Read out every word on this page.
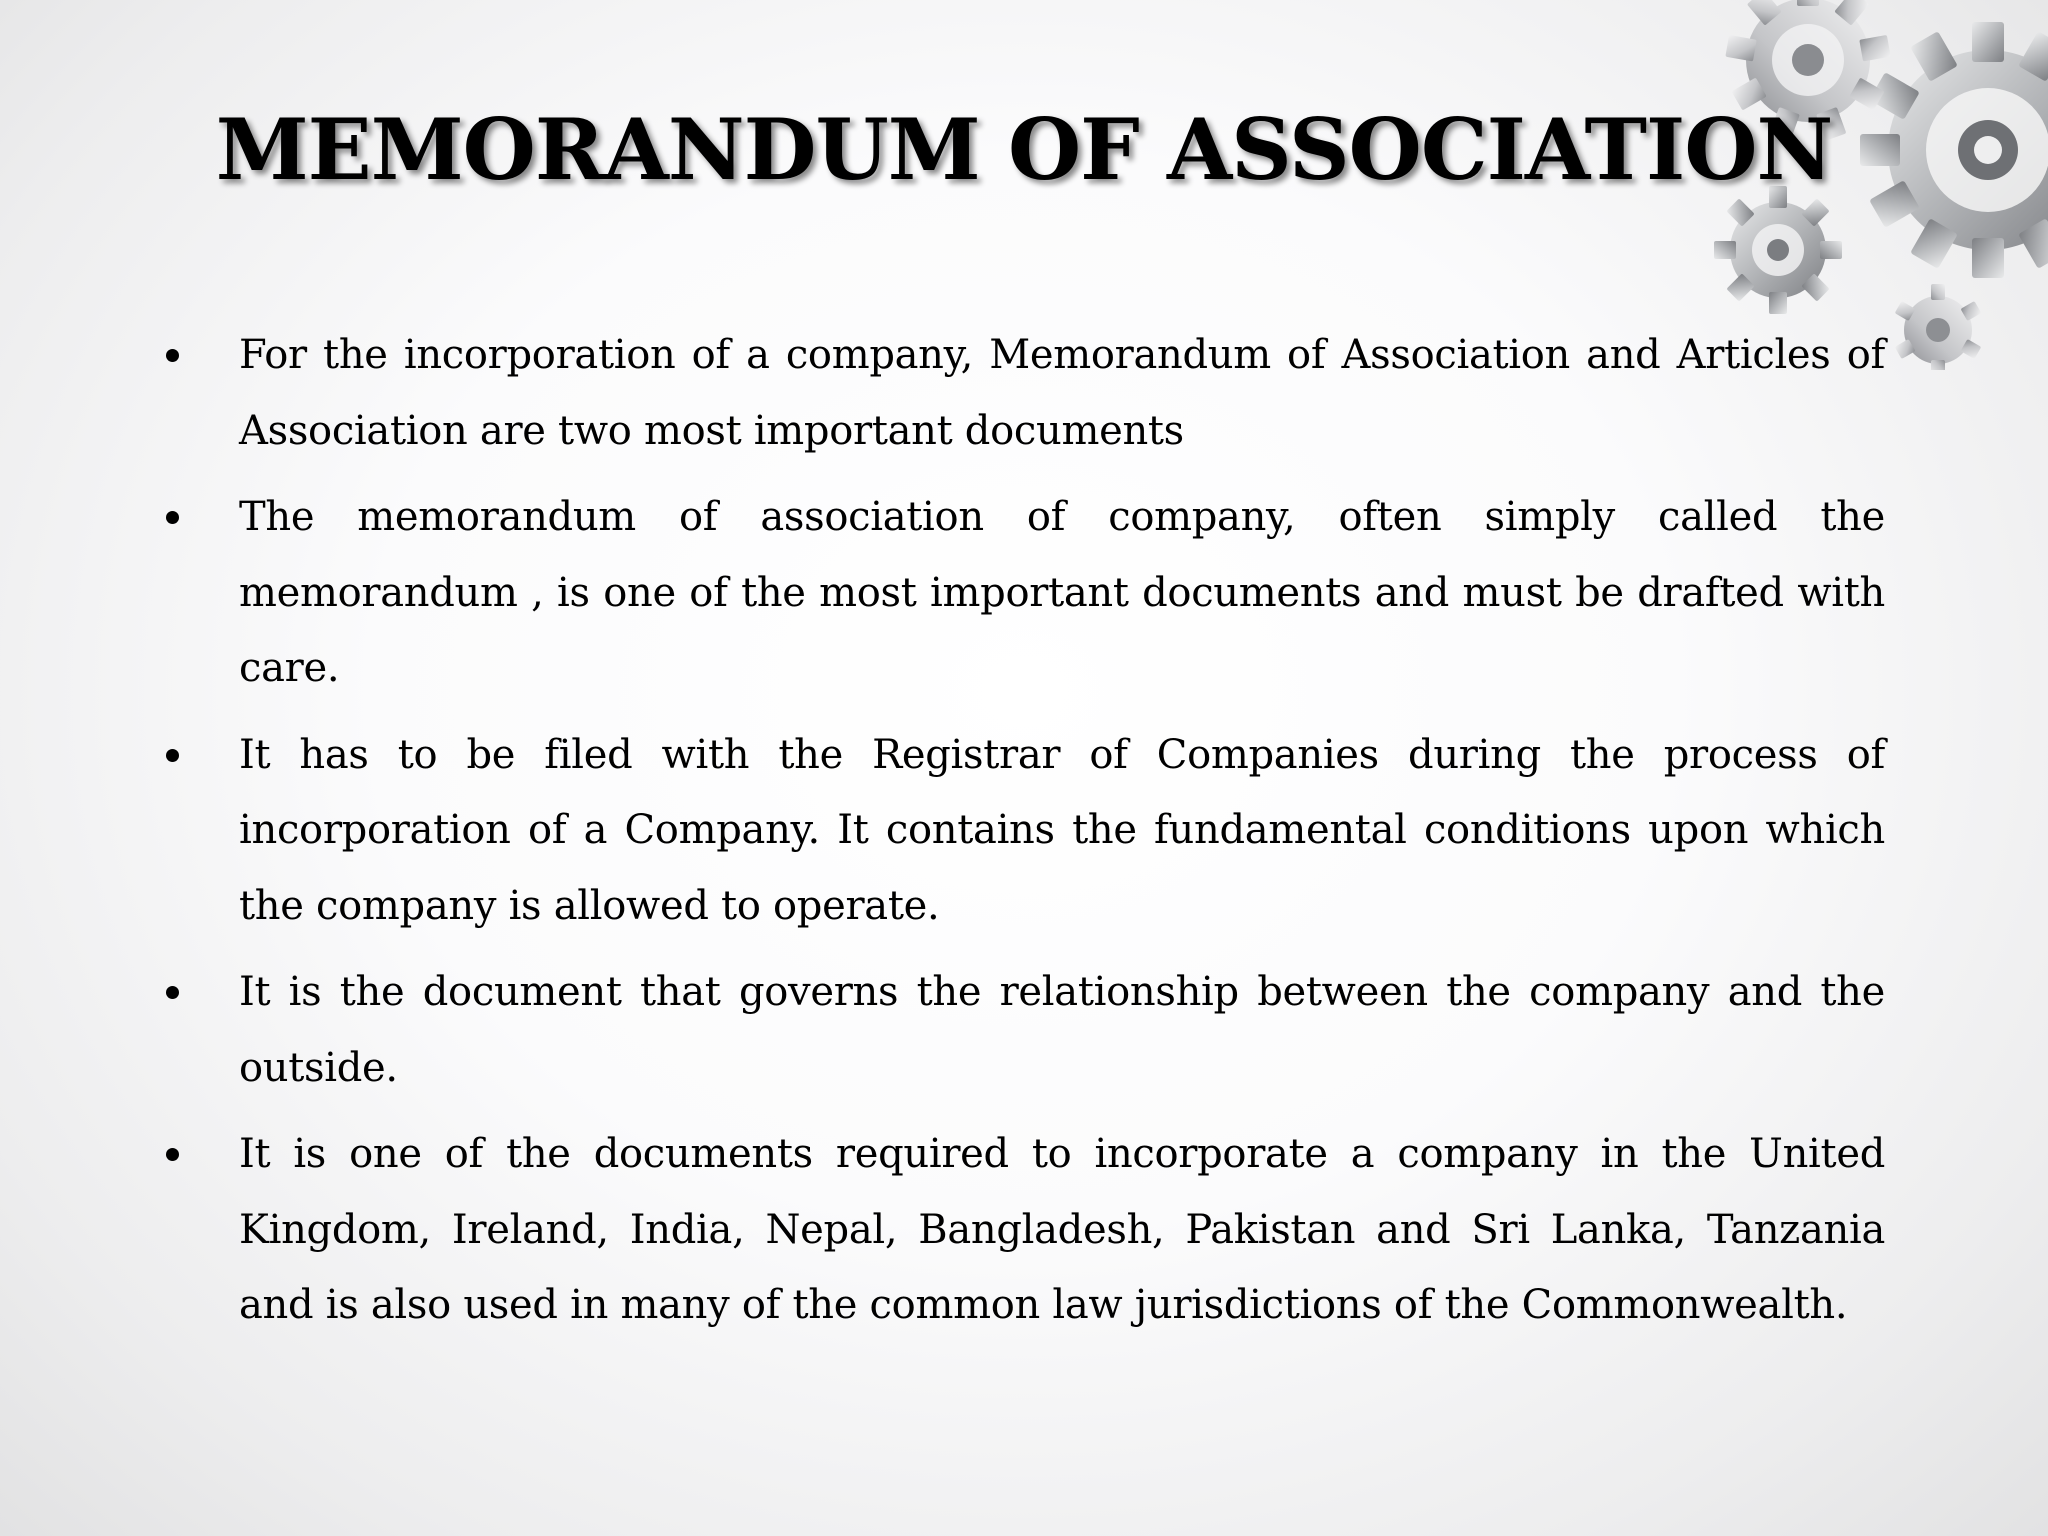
MEMORANDUM OF ASSOCIATION
For the incorporation of a company, Memorandum of Association and Articles of Association are two most important documents
The memorandum of association of company, often simply called the memorandum , is one of the most important documents and must be drafted with care.
It has to be filed with the Registrar of Companies during the process of incorporation of a Company. It contains the fundamental conditions upon which the company is allowed to operate.
It is the document that governs the relationship between the company and the outside.
It is one of the documents required to incorporate a company in the United Kingdom, Ireland, India, Nepal, Bangladesh, Pakistan and Sri Lanka, Tanzania and is also used in many of the common law jurisdictions of the Commonwealth.
